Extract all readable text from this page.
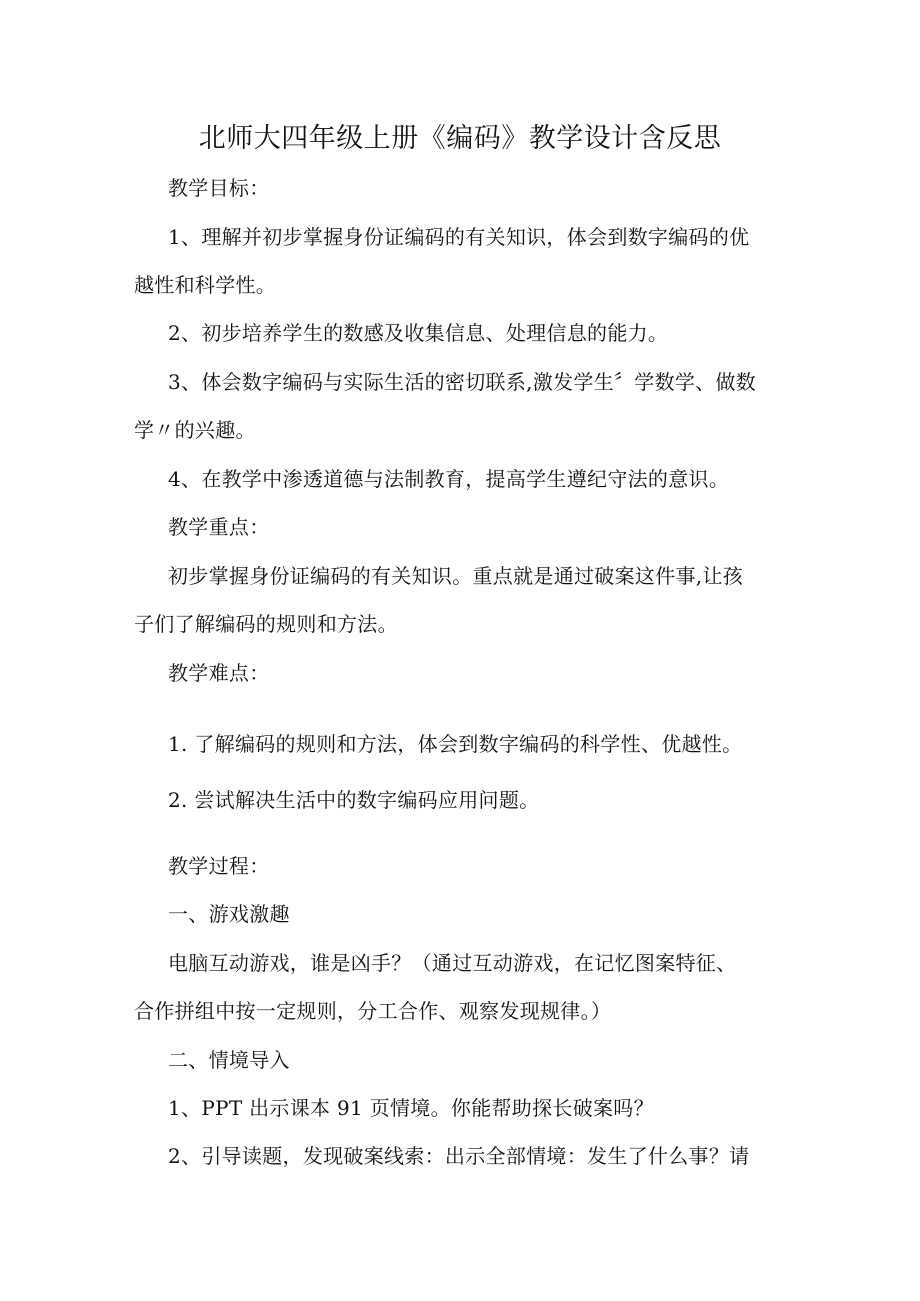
北师大四年级上册《编码》教学设计含反思
教学目标：
1、理解并初步掌握身份证编码的有关知识，体会到数字编码的优
越性和科学性。
2、初步培养学生的数感及收集信息、处理信息的能力。
3、体会数字编码与实际生活的密切联系,激发学生〞学数学、做数
学〃的兴趣。
4、在教学中渗透道德与法制教育，提高学生遵纪守法的意识。
教学重点：
初步掌握身份证编码的有关知识。重点就是通过破案这件事,让孩
子们了解编码的规则和方法。
教学难点：
1. 了解编码的规则和方法，体会到数字编码的科学性、优越性。
2. 尝试解决生活中的数字编码应用问题。
教学过程：
一、游戏激趣
电脑互动游戏，谁是凶手？（通过互动游戏，在记忆图案特征、
合作拼组中按一定规则，分工合作、观察发现规律。）
二、情境导入
1、PPT 出示课本 91 页情境。你能帮助探长破案吗？
2、引导读题，发现破案线索：出示全部情境：发生了什么事？请
